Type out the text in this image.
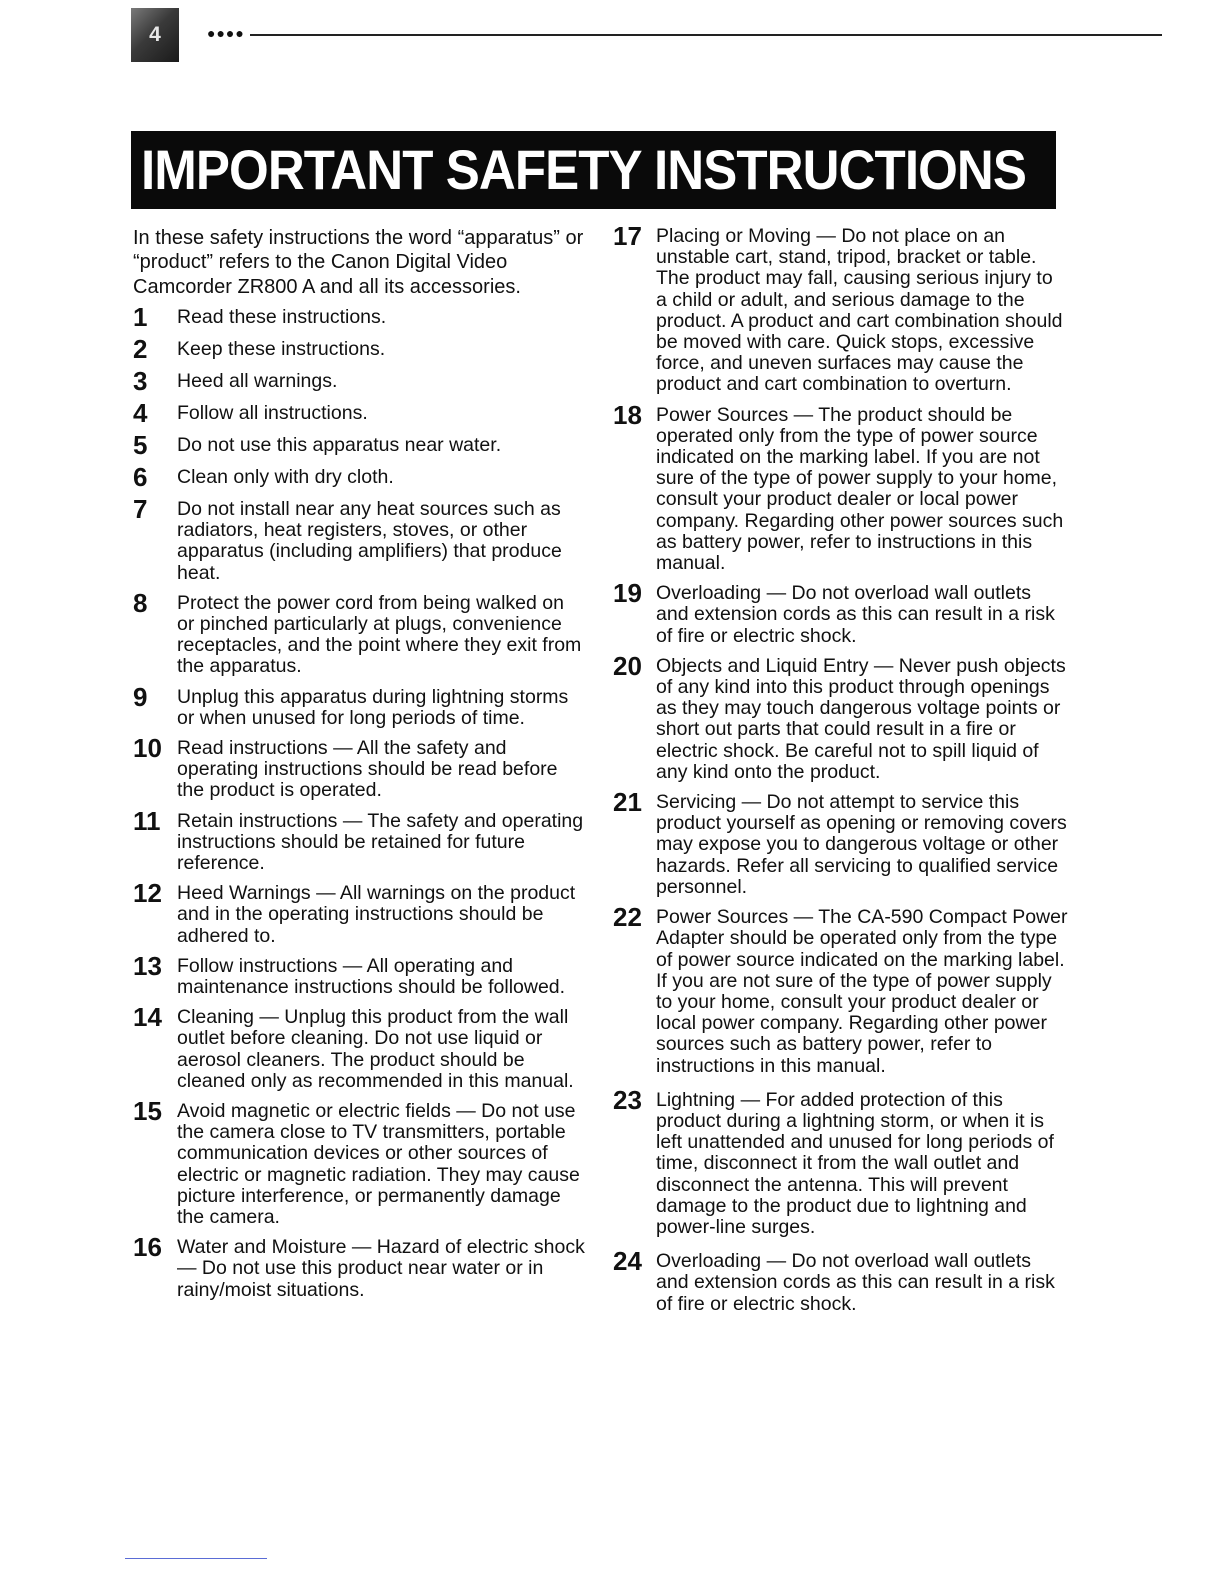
4	●●●●
IMPORTANT SAFETY INSTRUCTIONS

In these safety instructions the word “apparatus” or “product” refers to the Canon Digital Video Camcorder ZR800 A and all its accessories.

1	Read these instructions.
2	Keep these instructions.
3	Heed all warnings.
4	Follow all instructions.
5	Do not use this apparatus near water.
6	Clean only with dry cloth.
7	Do not install near any heat sources such as radiators, heat registers, stoves, or other apparatus (including amplifiers) that produce heat.
8	Protect the power cord from being walked on or pinched particularly at plugs, convenience receptacles, and the point where they exit from the apparatus.
9	Unplug this apparatus during lightning storms or when unused for long periods of time.
10 Read instructions — All the safety and operating instructions should be read before the product is operated.
11 Retain instructions — The safety and operating instructions should be retained for future reference.
12 Heed Warnings — All warnings on the product and in the operating instructions should be adhered to.
13 Follow instructions — All operating and maintenance instructions should be followed.
14 Cleaning — Unplug this product from the wall outlet before cleaning. Do not use liquid or aerosol cleaners. The product should be cleaned only as recommended in this manual.
15 Avoid magnetic or electric fields — Do not use the camera close to TV transmitters, portable communication devices or other sources of electric or magnetic radiation. They may cause picture interference, or permanently damage the camera.
16 Water and Moisture — Hazard of electric shock — Do not use this product near water or in rainy/moist situations.
17 Placing or Moving — Do not place on an unstable cart, stand, tripod, bracket or table. The product may fall, causing serious injury to a child or adult, and serious damage to the product. A product and cart combination should be moved with care. Quick stops, excessive force, and uneven surfaces may cause the product and cart combination to overturn.
18 Power Sources — The product should be operated only from the type of power source indicated on the marking label. If you are not sure of the type of power supply to your home, consult your product dealer or local power company. Regarding other power sources such as battery power, refer to instructions in this manual.
19 Overloading — Do not overload wall outlets and extension cords as this can result in a risk of fire or electric shock.
20 Objects and Liquid Entry — Never push objects of any kind into this product through openings as they may touch dangerous voltage points or short out parts that could result in a fire or electric shock. Be careful not to spill liquid of any kind onto the product.
21 Servicing — Do not attempt to service this product yourself as opening or removing covers may expose you to dangerous voltage or other hazards. Refer all servicing to qualified service personnel.
22 Power Sources — The CA-590 Compact Power Adapter should be operated only from the type of power source indicated on the marking label. If you are not sure of the type of power supply to your home, consult your product dealer or local power company. Regarding other power sources such as battery power, refer to instructions in this manual.
23 Lightning — For added protection of this product during a lightning storm, or when it is left unattended and unused for long periods of time, disconnect it from the wall outlet and disconnect the antenna. This will prevent damage to the product due to lightning and power-line surges.
24 Overloading — Do not overload wall outlets and extension cords as this can result in a risk of fire or electric shock.
